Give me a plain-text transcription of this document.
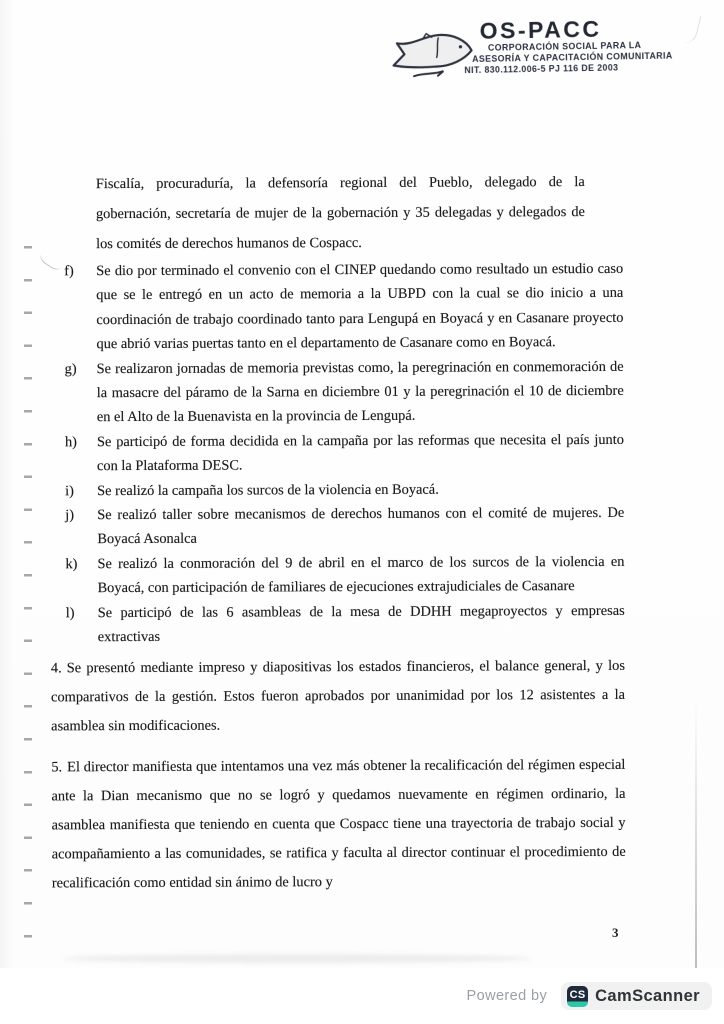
OS-PACC
CORPORACIÓN SOCIAL PARA LA
ASESORÍA Y CAPACITACIÓN COMUNITARIA
NIT. 830.112.006-5 PJ 116 DE 2003

Fiscalía, procuraduría, la defensoría regional del Pueblo, delegado de la gobernación, secretaría de mujer de la gobernación y 35 delegadas y delegados de los comités de derechos humanos de Cospacc.

f)	Se dio por terminado el convenio con el CINEP quedando como resultado un estudio caso que se le entregó en un acto de memoria a la UBPD con la cual se dio inicio a una coordinación de trabajo coordinado tanto para Lengupá en Boyacá y en Casanare proyecto que abrió varias puertas tanto en el departamento de Casanare como en Boyacá.
g)	Se realizaron jornadas de memoria previstas como, la peregrinación en conmemoración de la masacre del páramo de la Sarna en diciembre 01 y la peregrinación el 10 de diciembre en el Alto de la Buenavista en la provincia de Lengupá.
h)	Se participó de forma decidida en la campaña por las reformas que necesita el país junto con la Plataforma DESC.
i)	Se realizó la campaña los surcos de la violencia en Boyacá.
j)	Se realizó taller sobre mecanismos de derechos humanos con el comité de mujeres. De Boyacá Asonalca
k)	Se realizó la conmoración del 9 de abril en el marco de los surcos de la violencia en Boyacá, con participación de familiares de ejecuciones extrajudiciales de Casanare
l)	Se participó de las 6 asambleas de la mesa de DDHH megaproyectos y empresas extractivas

4. Se presentó mediante impreso y diapositivas los estados financieros, el balance general, y los comparativos de la gestión. Estos fueron aprobados por unanimidad por los 12 asistentes a la asamblea sin modificaciones.

5. El director manifiesta que intentamos una vez más obtener la recalificación del régimen especial ante la Dian mecanismo que no se logró y quedamos nuevamente en régimen ordinario, la asamblea manifiesta que teniendo en cuenta que Cospacc tiene una trayectoria de trabajo social y acompañamiento a las comunidades, se ratifica y faculta al director continuar el procedimiento de recalificación como entidad sin ánimo de lucro y

3
Powered by CS CamScanner
